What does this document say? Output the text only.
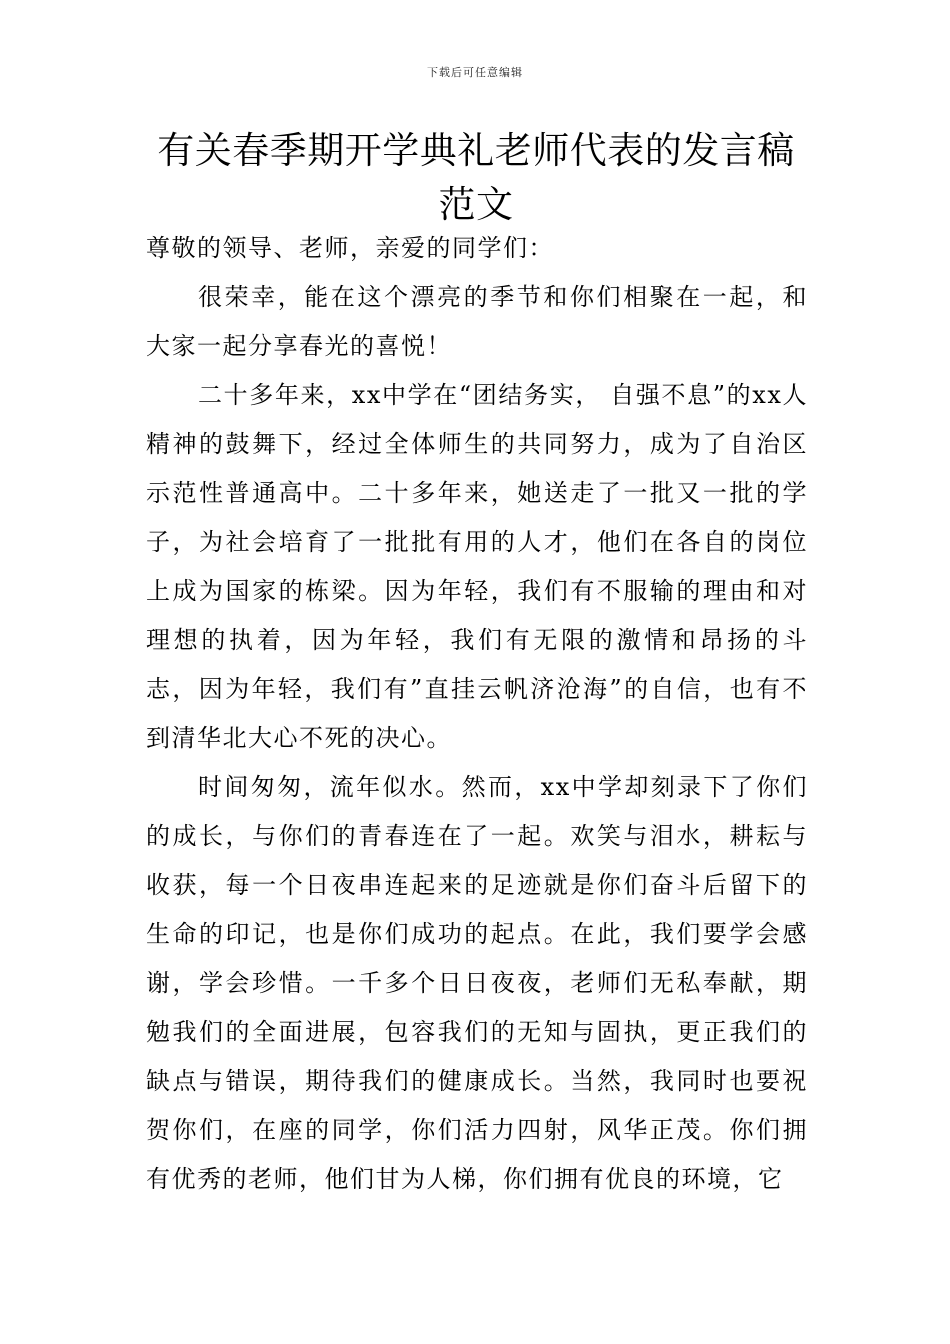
下载后可任意编辑
有关春季期开学典礼老师代表的发言稿范文

尊敬的领导、老师，亲爱的同学们：

很荣幸，能在这个漂亮的季节和你们相聚在一起，和大家一起分享春光的喜悦！

二十多年来，xx中学在“团结务实， 自强不息”的xx人精神的鼓舞下，经过全体师生的共同努力，成为了自治区示范性普通高中。二十多年来，她送走了一批又一批的学子，为社会培育了一批批有用的人才，他们在各自的岗位上成为国家的栋梁。因为年轻，我们有不服输的理由和对理想的执着，因为年轻，我们有无限的激情和昂扬的斗志，因为年轻，我们有”直挂云帆济沧海”的自信，也有不到清华北大心不死的决心。

时间匆匆，流年似水。然而，xx中学却刻录下了你们的成长，与你们的青春连在了一起。欢笑与泪水，耕耘与收获，每一个日夜串连起来的足迹就是你们奋斗后留下的生命的印记，也是你们成功的起点。在此，我们要学会感谢，学会珍惜。一千多个日日夜夜，老师们无私奉献，期勉我们的全面进展，包容我们的无知与固执，更正我们的缺点与错误，期待我们的健康成长。当然，我同时也要祝贺你们，在座的同学，你们活力四射，风华正茂。你们拥有优秀的老师，他们甘为人梯，你们拥有优良的环境，它
